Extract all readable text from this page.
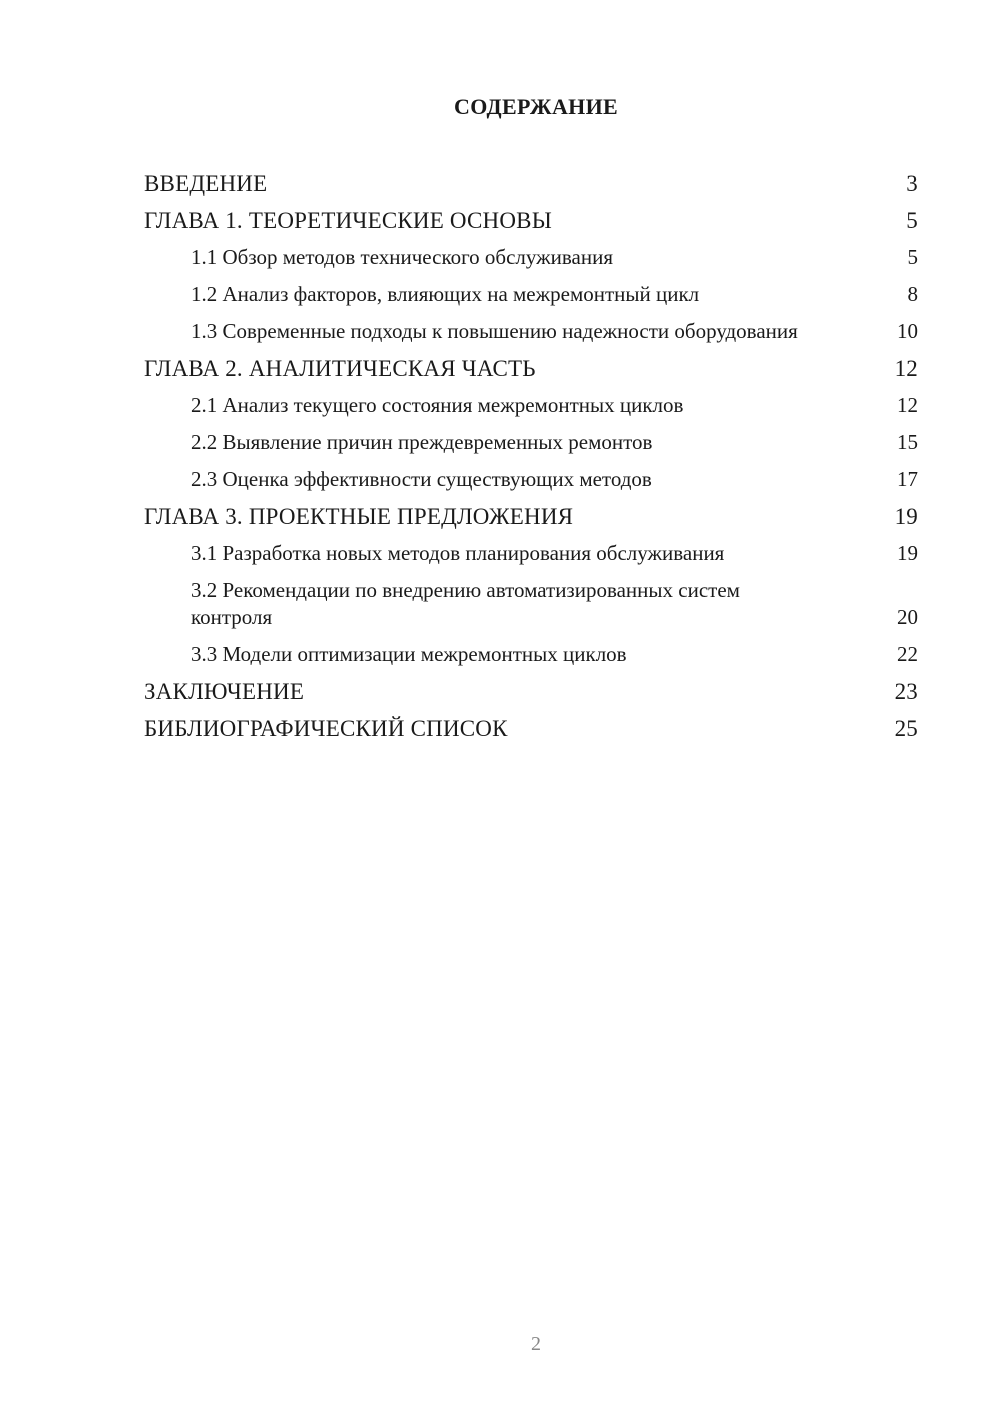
СОДЕРЖАНИЕ
ВВЕДЕНИЕ	3
ГЛАВА 1. ТЕОРЕТИЧЕСКИЕ ОСНОВЫ	5
1.1 Обзор методов технического обслуживания	5
1.2 Анализ факторов, влияющих на межремонтный цикл	8
1.3 Современные подходы к повышению надежности оборудования	10
ГЛАВА 2. АНАЛИТИЧЕСКАЯ ЧАСТЬ	12
2.1 Анализ текущего состояния межремонтных циклов	12
2.2 Выявление причин преждевременных ремонтов	15
2.3 Оценка эффективности существующих методов	17
ГЛАВА 3. ПРОЕКТНЫЕ ПРЕДЛОЖЕНИЯ	19
3.1 Разработка новых методов планирования обслуживания	19
3.2 Рекомендации по внедрению автоматизированных систем контроля	20
3.3 Модели оптимизации межремонтных циклов	22
ЗАКЛЮЧЕНИЕ	23
БИБЛИОГРАФИЧЕСКИЙ СПИСОК	25
2
